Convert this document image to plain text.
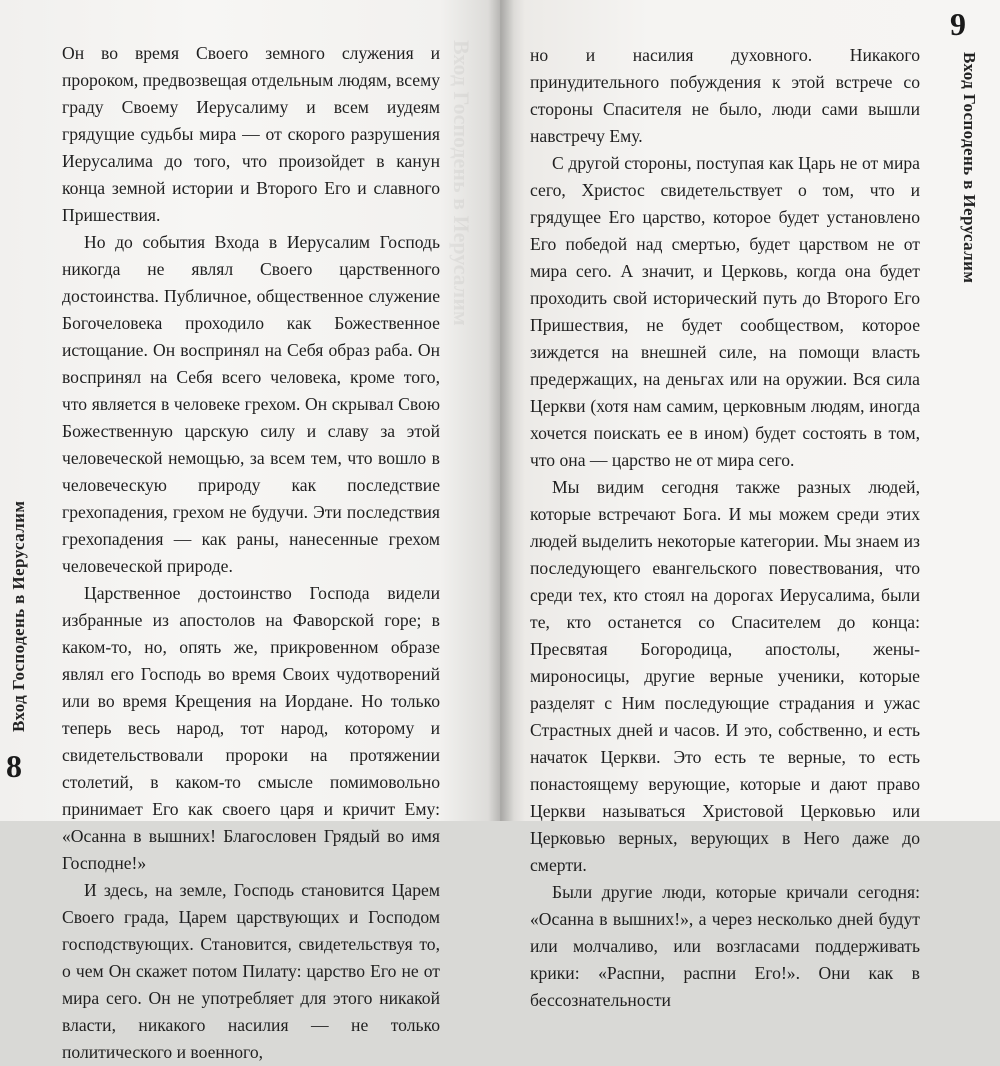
Вход Господень в Иерусалим

Он во время Своего земного служения и пророком, предвозвещая отдельным людям, всему граду Своему Иерусалиму и всем иудеям грядущие судьбы мира — от скорого разрушения Иерусалима до того, что произойдет в канун конца земной истории и Второго Его и славного Пришествия.

Но до события Входа в Иерусалим Господь никогда не являл Своего царственного достоинства. Публичное, общественное служение Богочеловека проходило как Божественное истощание. Он воспринял на Себя образ раба. Он воспринял на Себя всего человека, кроме того, что является в человеке грехом. Он скрывал Свою Божественную царскую силу и славу за этой человеческой немощью, за всем тем, что вошло в человеческую природу как последствие грехопадения, грехом не будучи. Эти последствия грехопадения — как раны, нанесенные грехом человеческой природе.

Царственное достоинство Господа видели избранные из апостолов на Фаворской горе; в каком-то, но, опять же, прикровенном образе являл его Господь во время Своих чудотворений или во время Крещения на Иордане. Но только теперь весь народ, тот народ, которому и свидетельствовали пророки на протяжении столетий, в каком-то смысле помимовольно принимает Его как своего царя и кричит Ему: «Осанна в вышних! Благословен Грядый во имя Господне!»

И здесь, на земле, Господь становится Царем Своего града, Царем царствующих и Господом господствующих. Становится, свидетельствуя то, о чем Он скажет потом Пилату: царство Его не от мира сего. Он не употребляет для этого никакой власти, никакого насилия — не только политического и военного,

Вход Господень в Иерусалим
8

но и насилия духовного. Никакого принудительного побуждения к этой встрече со стороны Спасителя не было, люди сами вышли навстречу Ему.

С другой стороны, поступая как Царь не от мира сего, Христос свидетельствует о том, что и грядущее Его царство, которое будет установлено Его победой над смертью, будет царством не от мира сего. А значит, и Церковь, когда она будет проходить свой исторический путь до Второго Его Пришествия, не будет сообществом, которое зиждется на внешней силе, на помощи власть предержащих, на деньгах или на оружии. Вся сила Церкви (хотя нам самим, церковным людям, иногда хочется поискать ее в ином) будет состоять в том, что она — царство не от мира сего.

Мы видим сегодня также разных людей, которые встречают Бога. И мы можем среди этих людей выделить некоторые категории. Мы знаем из последующего евангельского повествования, что среди тех, кто стоял на дорогах Иерусалима, были те, кто останется со Спасителем до конца: Пресвятая Богородица, апостолы, жены-мироносицы, другие верные ученики, которые разделят с Ним последующие страдания и ужас Страстных дней и часов. И это, собственно, и есть начаток Церкви. Это есть те верные, то есть понастоящему верующие, которые и дают право Церкви называться Христовой Церковью или Церковью верных, верующих в Него даже до смерти.

Были другие люди, которые кричали сегодня: «Осанна в вышних!», а через несколько дней будут или молчаливо, или возгласами поддерживать крики: «Распни, распни Его!». Они как в бессознательности

Вход Господень в Иерусалим
9
